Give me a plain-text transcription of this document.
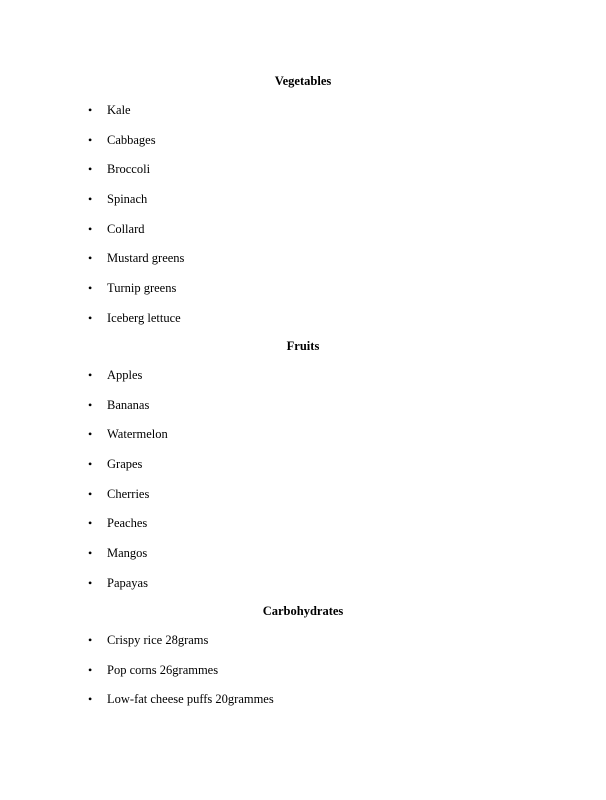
Vegetables
• Kale
• Cabbages
• Broccoli
• Spinach
• Collard
• Mustard greens
• Turnip greens
• Iceberg lettuce
Fruits
• Apples
• Bananas
• Watermelon
• Grapes
• Cherries
• Peaches
• Mangos
• Papayas
Carbohydrates
• Crispy rice 28grams
• Pop corns 26grammes
• Low-fat cheese puffs 20grammes
